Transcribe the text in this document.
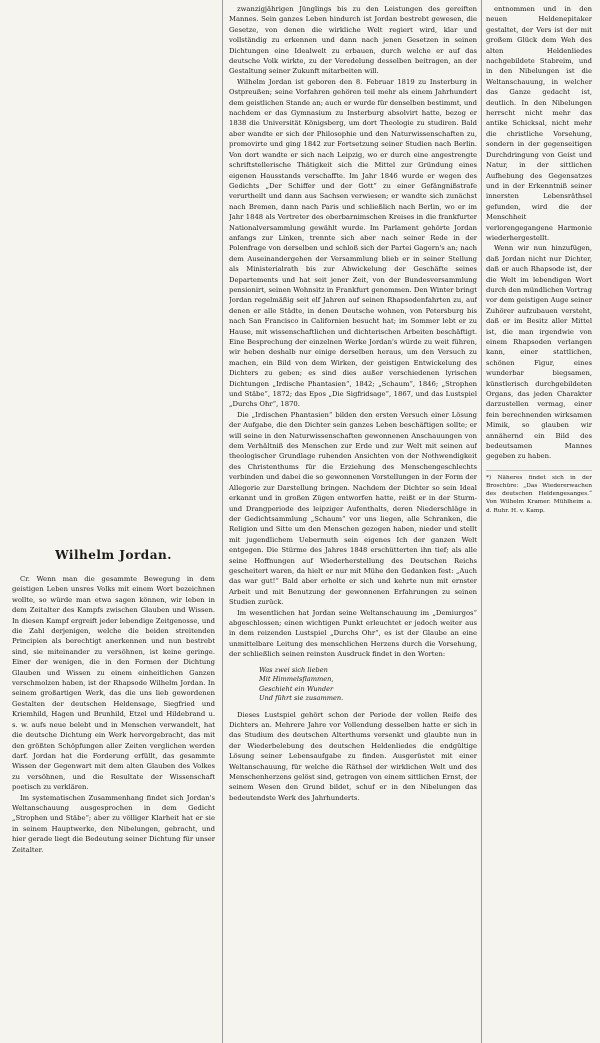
Wilhelm Jordan.

Cr. Wenn man die gesammte Bewegung in dem geistigen Leben unsres Volks mit einem Wort bezeichnen wollte, so würde man etwa sagen können, wir leben in dem Zeitalter des Kampfs zwischen Glauben und Wissen. In diesen Kampf ergreift jeder lebendige Zeitgenosse, und die Zahl derjenigen, welche die beiden streitenden Principien als berechtigt anerkennen und nun bestrebt sind, sie miteinander zu versöhnen, ist keine geringe. Einer der wenigen, die in den Formen der Dichtung Glauben und Wissen zu einem einheitlichen Ganzen verschmolzen haben, ist der Rhapsode Wilhelm Jordan. In seinem großartigen Werk, das die uns lieb gewordenen Gestalten der deutschen Heldensage, Siegfried und Kriemhild, Hagen und Brunhild, Etzel und Hildebrand u. s. w. aufs neue belebt und in Menschen verwandelt, hat die deutsche Dichtung ein Werk hervorgebracht, das mit den größten Schöpfungen aller Zeiten verglichen werden darf. Jordan hat die Forderung erfüllt, das gesammte Wissen der Gegenwart mit dem alten Glauben des Volkes zu versöhnen, und die Resultate der Wissenschaft poetisch zu verklären.

Im systematischen Zusammenhang findet sich Jordan's Weltanschauung ausgesprochen in dem Gedicht „Strophen und Stäbe“; aber zu völliger Klarheit hat er sie in seinem Hauptwerke, den Nibelungen, gebracht, und hier gerade liegt die Bedeutung seiner Dichtung für unser Zeitalter.

zwanzigjährigen Jünglings bis zu den Leistungen des gereiften Mannes. Sein ganzes Leben hindurch ist Jordan bestrebt gewesen, die Gesetze, von denen die wirkliche Welt regiert wird, klar und vollständig zu erkennen und dann nach jenen Gesetzen in seinen Dichtungen eine Idealwelt zu erbauen, durch welche er auf das deutsche Volk wirkte, zu der Veredelung desselben beitragen, an der Gestaltung seiner Zukunft mitarbeiten will.

Wilhelm Jordan ist geboren den 8. Februar 1819 zu Insterburg in Ostpreußen; seine Vorfahren gehören teil mehr als einem Jahrhundert dem geistlichen Stande an; auch er wurde für denselben bestimmt, und nachdem er das Gymnasium zu Insterburg absolvirt hatte, bezog er 1838 die Universität Königsberg, um dort Theologie zu studiren. Bald aber wandte er sich der Philosophie und den Naturwissenschaften zu, promovirte und ging 1842 zur Fortsetzung seiner Studien nach Berlin. Von dort wandte er sich nach Leipzig, wo er durch eine angestrengte schriftstellerische Thätigkeit sich die Mittel zur Gründung eines eigenen Hausstands verschaffte. Im Jahr 1846 wurde er wegen des Gedichts „Der Schiffer und der Gott“ zu einer Gefängnißstrafe verurtheilt und dann aus Sachsen verwiesen; er wandte sich zunächst nach Bremen, dann nach Paris und schließlich nach Berlin, wo er im Jahr 1848 als Vertreter des oberbarnimschen Kreises in die frankfurter Nationalversammlung gewählt wurde. Im Parlament gehörte Jordan anfangs zur Linken, trennte sich aber nach seiner Rede in der Polenfrage von derselben und schloß sich der Partei Gagern's an; nach dem Auseinandergehen der Versammlung blieb er in seiner Stellung als Ministerialrath bis zur Abwickelung der Geschäfte seines Departements und hat seit jener Zeit, von der Bundesversammlung pensionirt, seinen Wohnsitz in Frankfurt genommen. Den Winter bringt Jordan regelmäßig seit elf Jahren auf seinen Rhapsodenfahrten zu, auf denen er alle Städte, in denen Deutsche wohnen, von Petersburg bis nach San Francisco in Californien besucht hat; im Sommer lebt er zu Hause, mit wissenschaftlichen und dichterischen Arbeiten beschäftigt. Eine Besprechung der einzelnen Werke Jordan's würde zu weit führen, wir heben deshalb nur einige derselben heraus, um den Versuch zu machen, ein Bild von dem Wirken, der geistigen Entwickelung des Dichters zu geben; es sind dies außer verschiedenen lyrischen Dichtungen „Irdische Phantasien“, 1842; „Schaum“, 1846; „Strophen und Stäbe“, 1872; das Epos „Die Sigfridsage“, 1867, und das Lustspiel „Durchs Ohr“, 1870.

Die „Irdischen Phantasien“ bilden den ersten Versuch einer Lösung der Aufgabe, die den Dichter sein ganzes Leben beschäftigen sollte; er will seine in den Naturwissenschaften gewonnenen Anschauungen von dem Verhältniß des Menschen zur Erde und zur Welt mit seinen auf theologischer Grundlage ruhenden Ansichten von der Nothwendigkeit des Christenthums für die Erziehung des Menschengeschlechts verbinden und dabei die so gewonnenen Vorstellungen in der Form der Allegorie zur Darstellung bringen. Nachdem der Dichter so sein Ideal erkannt und in großen Zügen entworfen hatte, reißt er in der Sturm- und Drangperiode des leipziger Aufenthalts, deren Niederschläge in der Gedichtsammlung „Schaum“ vor uns liegen, alle Schranken, die Religion und Sitte um den Menschen gezogen haben, nieder und stellt mit jugendlichem Uebermuth sein eigenes Ich der ganzen Welt entgegen. Die Stürme des Jahres 1848 erschütterten ihn tief; als alle seine Hoffnungen auf Wiederherstellung des Deutschen Reichs gescheitert waren, da hielt er nur mit Mühe den Gedanken fest: „Auch das war gut!“ Bald aber erholte er sich und kehrte nun mit ernster Arbeit und mit Benutzung der gewonnenen Erfahrungen zu seinen Studien zurück.

Im wesentlichen hat Jordan seine Weltanschauung im „Demiurgos“ abgeschlossen; einen wichtigen Punkt erleuchtet er jedoch weiter aus in dem reizenden Lustspiel „Durchs Ohr“, es ist der Glaube an eine unmittelbare Leitung des menschlichen Herzens durch die Vorsehung, der schließlich seinen reinsten Ausdruck findet in den Worten:

Was zwei sich lieben
Mit Himmelsflammen,
Geschieht ein Wunder
Und führt sie zusammen.

Dieses Lustspiel gehört schon der Periode der vollen Reife des Dichters an. Mehrere Jahre vor Vollendung desselben hatte er sich in das Studium des deutschen Alterthums versenkt und glaubte nun in der Wiederbelebung des deutschen Heldenliedes die endgültige Lösung seiner Lebensaufgabe zu finden. Ausgerüstet mit einer Weltanschauung, für welche die Räthsel der wirklichen Welt und des Menschenherzens gelöst sind, getragen von einem sittlichen Ernst, der seinem Wesen den Grund bildet, schuf er in den Nibelungen das bedeutendste Werk des Jahrhunderts.

entnommen und in den neuen Heldenepitaker gestaltet, der Vers ist der mit großem Glück dem Weh des alten Heldenliedes nachgebildete Stabreim, und in den Nibelungen ist die Weltanschauung, in welcher das Ganze gedacht ist, deutlich. In den Nibelungen herrscht nicht mehr das antike Schicksal, nicht mehr die christliche Vorsehung, sondern in der gegenseitigen Durchdringung von Geist und Natur, in der sittlichen Aufhebung des Gegensatzes und in der Erkenntniß seiner innersten Lebensräthsel gefunden, wird die der Menschheit verlorengegangene Harmonie wiederhergestellt.

Wenn wir nun hinzufügen, daß Jordan nicht nur Dichter, daß er auch Rhapsode ist, der die Welt im lebendigen Wort durch den mündlichen Vortrag vor dem geistigen Auge seiner Zuhörer aufzubauen versteht, daß er im Besitz aller Mittel ist, die man irgendwie von einem Rhapsoden verlangen kann, einer stattlichen, schönen Figur, eines wunderbar biegsamen, künstlerisch durchgebildeten Organs, das jeden Charakter darzustellen vermag, einer fein berechnenden wirksamen Mimik, so glauben wir annähernd ein Bild des bedeutsamen Mannes gegeben zu haben.

*) Näheres findet sich in der Broschüre: „Das Wiedererwachen des deutschen Heldengesanges.“ Von Wilhelm Kramer. Mühlheim a. d. Ruhr. H. v. Kamp.
